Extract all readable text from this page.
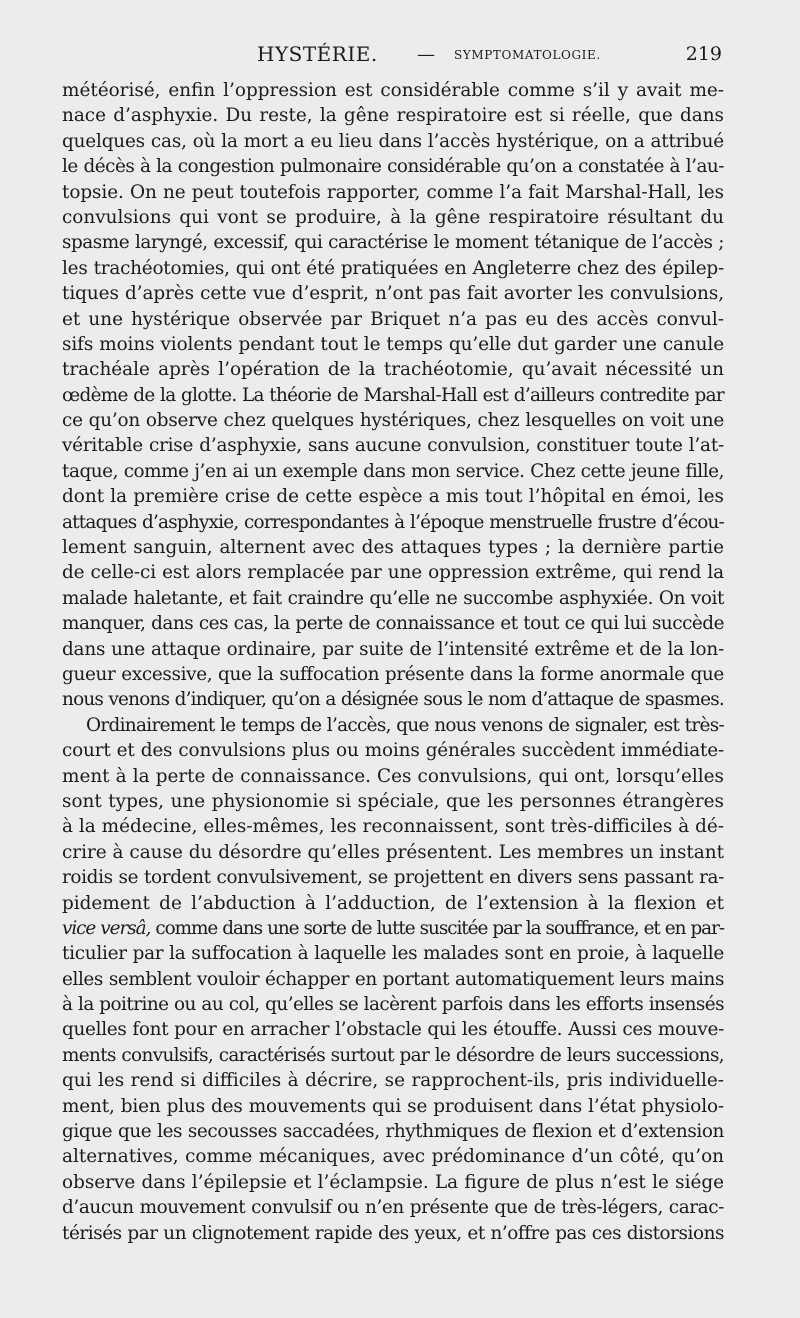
HYSTÉRIE. — SYMPTOMATOLOGIE.	219
météorisé, enfin l’oppression est considérable comme s’il y avait me-
nace d’asphyxie. Du reste, la gêne respiratoire est si réelle, que dans
quelques cas, où la mort a eu lieu dans l’accès hystérique, on a attribué
le décès à la congestion pulmonaire considérable qu’on a constatée à l’au-
topsie. On ne peut toutefois rapporter, comme l’a fait Marshal-Hall, les
convulsions qui vont se produire, à la gêne respiratoire résultant du
spasme laryngé, excessif, qui caractérise le moment tétanique de l’accès ;
les trachéotomies, qui ont été pratiquées en Angleterre chez des épilep-
tiques d’après cette vue d’esprit, n’ont pas fait avorter les convulsions,
et une hystérique observée par Briquet n’a pas eu des accès convul-
sifs moins violents pendant tout le temps qu’elle dut garder une canule
trachéale après l’opération de la trachéotomie, qu’avait nécessité un
œdème de la glotte. La théorie de Marshal-Hall est d’ailleurs contredite par
ce qu’on observe chez quelques hystériques, chez lesquelles on voit une
véritable crise d’asphyxie, sans aucune convulsion, constituer toute l’at-
taque, comme j’en ai un exemple dans mon service. Chez cette jeune fille,
dont la première crise de cette espèce a mis tout l’hôpital en émoi, les
attaques d’asphyxie, correspondantes à l’époque menstruelle frustre d’écou-
lement sanguin, alternent avec des attaques types ; la dernière partie
de celle-ci est alors remplacée par une oppression extrême, qui rend la
malade haletante, et fait craindre qu’elle ne succombe asphyxiée. On voit
manquer, dans ces cas, la perte de connaissance et tout ce qui lui succède
dans une attaque ordinaire, par suite de l’intensité extrême et de la lon-
gueur excessive, que la suffocation présente dans la forme anormale que
nous venons d’indiquer, qu’on a désignée sous le nom d’attaque de spasmes.
Ordinairement le temps de l’accès, que nous venons de signaler, est très-
court et des convulsions plus ou moins générales succèdent immédiate-
ment à la perte de connaissance. Ces convulsions, qui ont, lorsqu’elles
sont types, une physionomie si spéciale, que les personnes étrangères
à la médecine, elles-mêmes, les reconnaissent, sont très-difficiles à dé-
crire à cause du désordre qu’elles présentent. Les membres un instant
roidis se tordent convulsivement, se projettent en divers sens passant ra-
pidement de l’abduction à l’adduction, de l’extension à la flexion et
vice versâ, comme dans une sorte de lutte suscitée par la souffrance, et en par-
ticulier par la suffocation à laquelle les malades sont en proie, à laquelle
elles semblent vouloir échapper en portant automatiquement leurs mains
à la poitrine ou au col, qu’elles se lacèrent parfois dans les efforts insensés
quelles font pour en arracher l’obstacle qui les étouffe. Aussi ces mouve-
ments convulsifs, caractérisés surtout par le désordre de leurs successions,
qui les rend si difficiles à décrire, se rapprochent-ils, pris individuelle-
ment, bien plus des mouvements qui se produisent dans l’état physiolo-
gique que les secousses saccadées, rhythmiques de flexion et d’extension
alternatives, comme mécaniques, avec prédominance d’un côté, qu’on
observe dans l’épilepsie et l’éclampsie. La figure de plus n’est le siége
d’aucun mouvement convulsif ou n’en présente que de très-légers, carac-
térisés par un clignotement rapide des yeux, et n’offre pas ces distorsions
